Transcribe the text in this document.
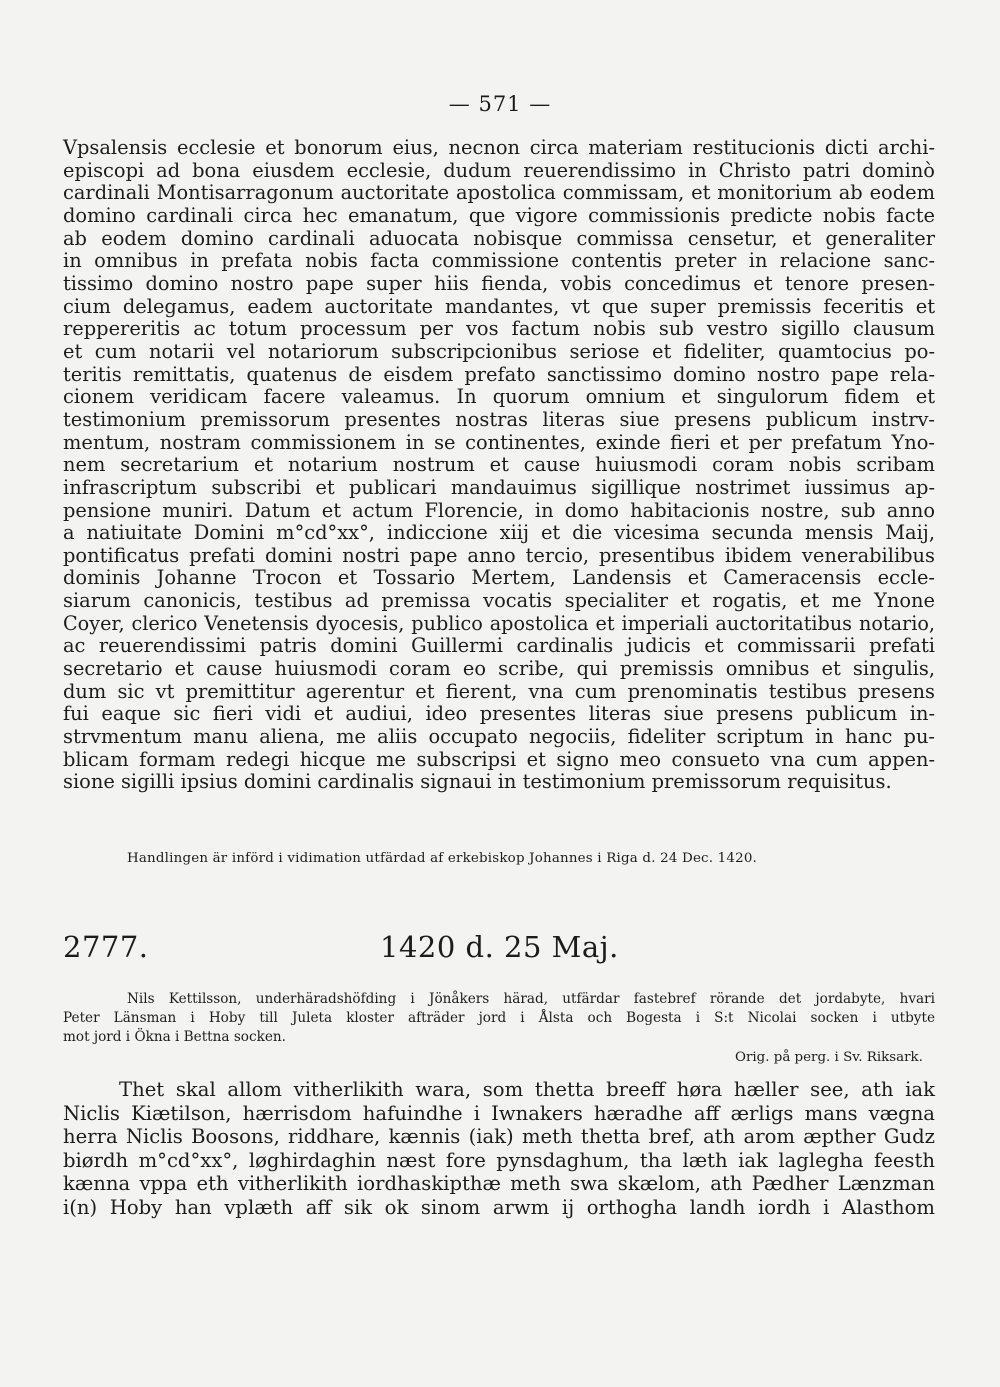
— 571 —
Vpsalensis ecclesie et bonorum eius, necnon circa materiam restitucionis dicti archi-
episcopi ad bona eiusdem ecclesie, dudum reuerendissimo in Christo patri dominò
cardinali Montisarragonum auctoritate apostolica commissam, et monitorium ab eodem
domino cardinali circa hec emanatum, que vigore commissionis predicte nobis facte
ab eodem domino cardinali aduocata nobisque commissa censetur, et generaliter
in omnibus in prefata nobis facta commissione contentis preter in relacione sanc-
tissimo domino nostro pape super hiis fienda, vobis concedimus et tenore presen-
cium delegamus, eadem auctoritate mandantes, vt que super premissis feceritis et
reppereritis ac totum processum per vos factum nobis sub vestro sigillo clausum
et cum notarii vel notariorum subscripcionibus seriose et fideliter, quamtocius po-
teritis remittatis, quatenus de eisdem prefato sanctissimo domino nostro pape rela-
cionem veridicam facere valeamus. In quorum omnium et singulorum fidem et
testimonium premissorum presentes nostras literas siue presens publicum instrv-
mentum, nostram commissionem in se continentes, exinde fieri et per prefatum Yno-
nem secretarium et notarium nostrum et cause huiusmodi coram nobis scribam
infrascriptum subscribi et publicari mandauimus sigillique nostrimet iussimus ap-
pensione muniri. Datum et actum Florencie, in domo habitacionis nostre, sub anno
a natiuitate Domini m°cd°xx°, indiccione xiij et die vicesima secunda mensis Maij,
pontificatus prefati domini nostri pape anno tercio, presentibus ibidem venerabilibus
dominis Johanne Trocon et Tossario Mertem, Landensis et Cameracensis eccle-
siarum canonicis, testibus ad premissa vocatis specialiter et rogatis, et me Ynone
Coyer, clerico Venetensis dyocesis, publico apostolica et imperiali auctoritatibus notario,
ac reuerendissimi patris domini Guillermi cardinalis judicis et commissarii prefati
secretario et cause huiusmodi coram eo scribe, qui premissis omnibus et singulis,
dum sic vt premittitur agerentur et fierent, vna cum prenominatis testibus presens
fui eaque sic fieri vidi et audiui, ideo presentes literas siue presens publicum in-
strvmentum manu aliena, me aliis occupato negociis, fideliter scriptum in hanc pu-
blicam formam redegi hicque me subscripsi et signo meo consueto vna cum appen-
sione sigilli ipsius domini cardinalis signaui in testimonium premissorum requisitus.
Handlingen är införd i vidimation utfärdad af erkebiskop Johannes i Riga d. 24 Dec. 1420.
2777.	1420 d. 25 Maj.
Nils Kettilsson, underhäradshöfding i Jönåkers härad, utfärdar fastebref rörande det jordabyte, hvari
Peter Länsman i Hoby till Juleta kloster afträder jord i Ålsta och Bogesta i S:t Nicolai socken i utbyte
mot jord i Ökna i Bettna socken.
Orig. på perg. i Sv. Riksark.
Thet skal allom vitherlikith wara, som thetta breeff høra hæller see, ath iak
Niclis Kiætilson, hærrisdom hafuindhe i Iwnakers hæradhe aff ærligs mans vægna
herra Niclis Boosons, riddhare, kænnis (iak) meth thetta bref, ath arom æpther Gudz
biørdh m°cd°xx°, løghirdaghin næst fore pynsdaghum, tha læth iak laglegha feesth
kænna vppa eth vitherlikith iordhaskipthæ meth swa skælom, ath Pædher Lænzman
i(n) Hoby han vplæth aff sik ok sinom arwm ij orthogha landh iordh i Alasthom
